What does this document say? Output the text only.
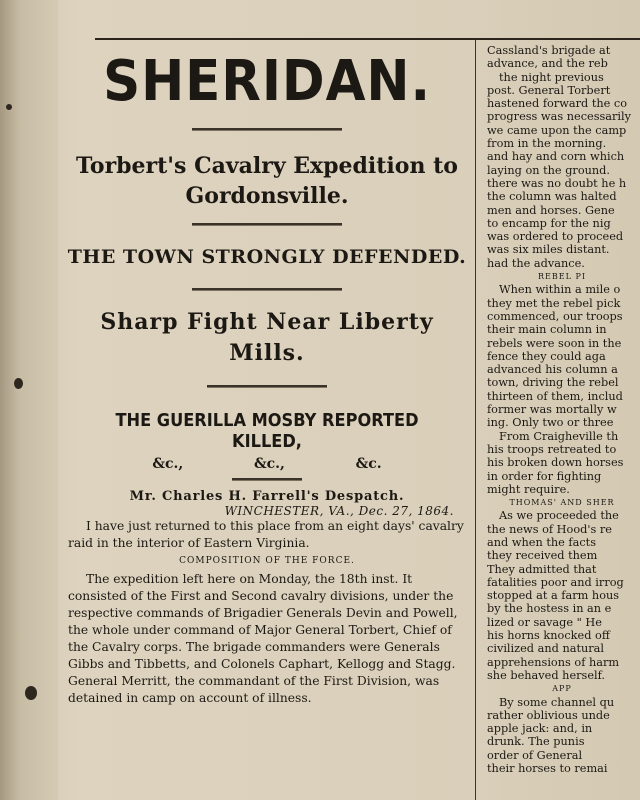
SHERIDAN.
Torbert's Cavalry Expedition to Gordonsville.
THE TOWN STRONGLY DEFENDED.
Sharp Fight Near Liberty Mills.
THE GUERILLA MOSBY REPORTED KILLED,
&c.,	&c.,	&c.
Mr. Charles H. Farrell's Despatch.
WINCHESTER, VA., Dec. 27, 1864.

I have just returned to this place from an eight days' cavalry raid in the interior of Eastern Virginia.

COMPOSITION OF THE FORCE.

The expedition left here on Monday, the 18th inst. It consisted of the First and Second cavalry divisions, under the respective commands of Brigadier Generals Devin and Powell, the whole under command of Major General Torbert, Chief of the Cavalry corps. The brigade commanders were Generals Gibbs and Tibbetts, and Colonels Caphart, Kellogg and Stagg. General Merritt, the commandant of the First Division, was detained in camp on account of illness.

Cassland's brigade at
advance, and the reb
the night previous
post. General Torbert
hastened forward the co
progress was necessarily
we came upon the camp
from in the morning.
and hay and corn which
laying on the ground.
there was no doubt he h
the column was halted
men and horses. Gene
to encamp for the nig
was ordered to proceed
was six miles distant.
had the advance.
REBEL PI
When within a mile o
they met the rebel pick
commenced, our troops
their main column in
rebels were soon in the
fence they could aga
advanced his column a
town, driving the rebel
thirteen of them, includ
former was mortally w
ing. Only two or three
From Craigheville th
his troops retreated to
his broken down horses
in order for fighting
might require.
THOMAS' AND SHER
As we proceeded the
the news of Hood's re
and when the facts
they received them
They admitted that
fatalities poor and irrog
stopped at a farm hous
by the hostess in an e
lized or savage " He
his horns knocked off
civilized and natural
apprehensions of harm
she behaved herself.
APP
By some channel qu
rather oblivious unde
apple jack: and, in
drunk. The punis
order of General
their horses to remai
